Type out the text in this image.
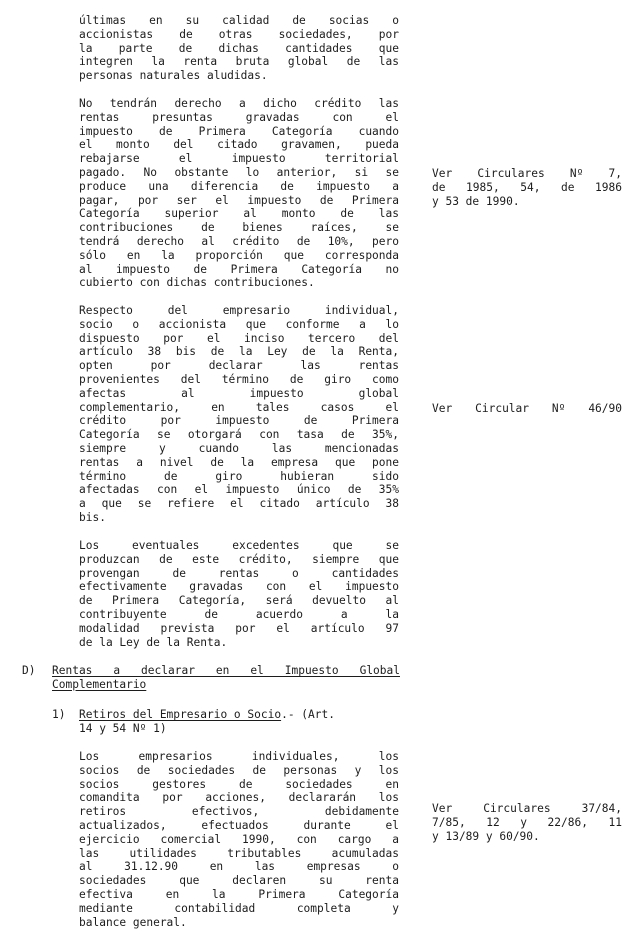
últimas en su calidad de socias o
accionistas de otras sociedades, por
la parte de dichas cantidades que
integren la renta bruta global de las
personas naturales aludidas.
No tendrán derecho a dicho crédito las
rentas presuntas gravadas con el
impuesto de Primera Categoría cuando
el monto del citado gravamen, pueda
rebajarse el impuesto territorial
pagado. No obstante lo anterior, si se
produce una diferencia de impuesto a
pagar, por ser el impuesto de Primera
Categoría superior al monto de las
contribuciones de bienes raíces, se
tendrá derecho al crédito de 10%, pero
sólo en la proporción que corresponda
al impuesto de Primera Categoría no
cubierto con dichas contribuciones.
Respecto del empresario individual,
socio o accionista que conforme a lo
dispuesto por el inciso tercero del
artículo 38 bis de la Ley de la Renta,
opten por declarar las rentas
provenientes del término de giro como
afectas al impuesto global
complementario, en tales casos el
crédito por impuesto de Primera
Categoría se otorgará con tasa de 35%,
siempre y cuando las mencionadas
rentas a nivel de la empresa que pone
término de giro hubieran sido
afectadas con el impuesto único de 35%
a que se refiere el citado artículo 38
bis.
Los eventuales excedentes que se
produzcan de este crédito, siempre que
provengan de rentas o cantidades
efectivamente gravadas con el impuesto
de Primera Categoría, será devuelto al
contribuyente de acuerdo a la
modalidad prevista por el artículo 97
de la Ley de la Renta.
D) Rentas a declarar en el Impuesto Global
Complementario
1) Retiros del Empresario o Socio.- (Art.
14 y 54 Nº 1)
Los empresarios individuales, los
socios de sociedades de personas y los
socios gestores de sociedades en
comandita por acciones, declararán los
retiros efectivos, debidamente
actualizados, efectuados durante el
ejercicio comercial 1990, con cargo a
las utilidades tributables acumuladas
al 31.12.90 en las empresas o
sociedades que declaren su renta
efectiva en la Primera Categoría
mediante contabilidad completa y
balance general.
Ver Circulares Nº 7,
de 1985, 54, de 1986
y 53 de 1990.
Ver Circular Nº 46/90
Ver Circulares 37/84,
7/85, 12 y 22/86, 11
y 13/89 y 60/90.
